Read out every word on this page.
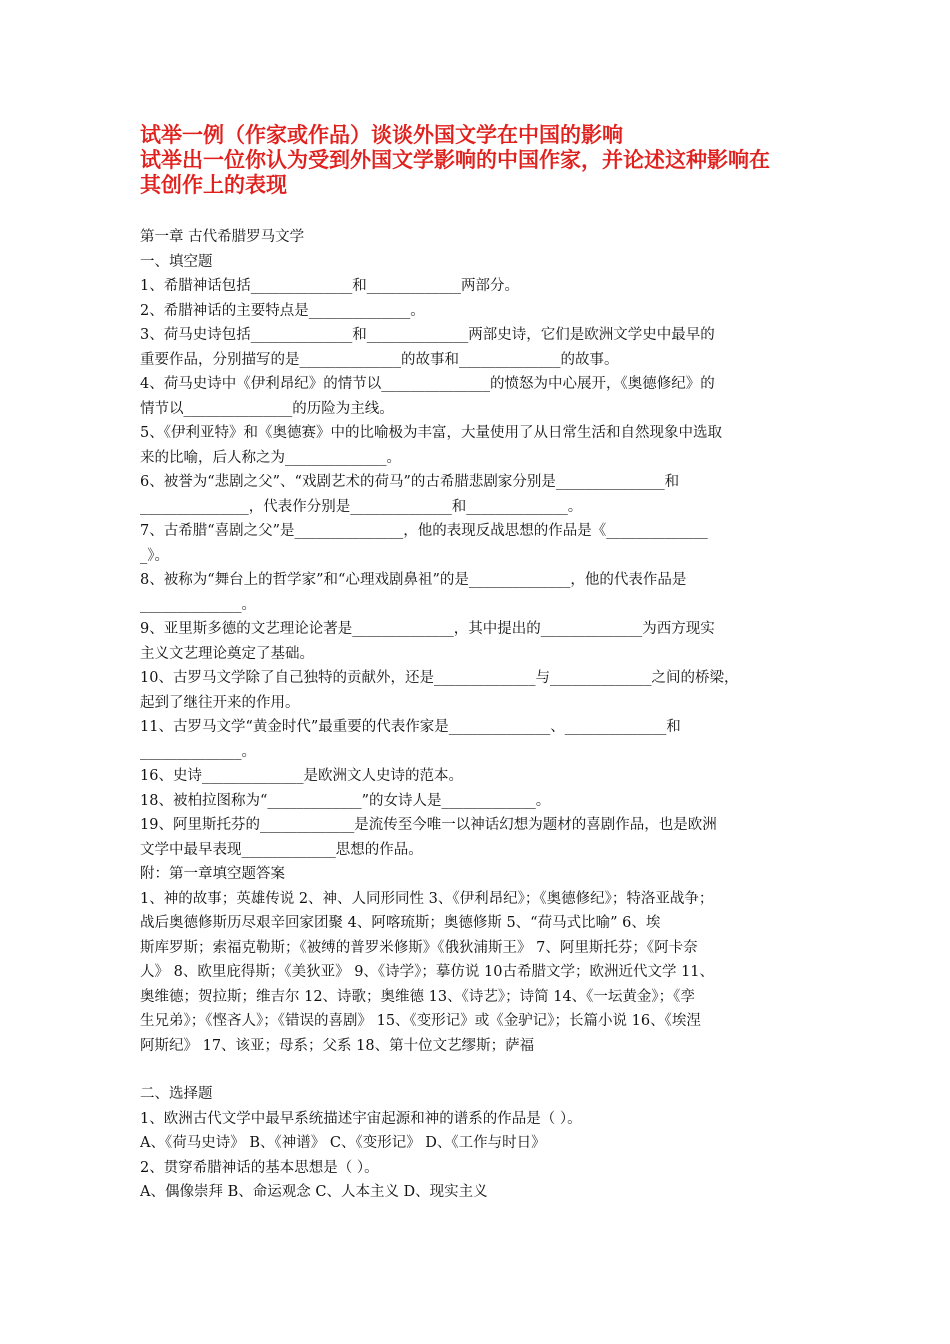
试举一例（作家或作品）谈谈外国文学在中国的影响

试举出一位你认为受到外国文学影响的中国作家，并论述这种影响在

其创作上的表现

第一章 古代希腊罗马文学

一、填空题

1、希腊神话包括______________和_____________两部分。

2、希腊神话的主要特点是______________。

3、荷马史诗包括______________和______________两部史诗，它们是欧洲文学史中最早的

重要作品，分别描写的是______________的故事和______________的故事。

4、荷马史诗中《伊利昂纪》的情节以_______________的愤怒为中心展开，《奥德修纪》的

情节以_______________的历险为主线。

5、《伊利亚特》和《奥德赛》中的比喻极为丰富，大量使用了从日常生活和自然现象中选取

来的比喻，后人称之为______________。

6、被誉为“悲剧之父”、“戏剧艺术的荷马”的古希腊悲剧家分别是_______________和

_______________，代表作分别是______________和______________。

7、古希腊“喜剧之父”是_______________，他的表现反战思想的作品是《______________

_》。

8、被称为“舞台上的哲学家”和“心理戏剧鼻祖”的是______________，他的代表作品是

______________。

9、亚里斯多德的文艺理论论著是______________，其中提出的______________为西方现实

主义文艺理论奠定了基础。

10、古罗马文学除了自己独特的贡献外，还是______________与______________之间的桥梁，

起到了继往开来的作用。

11、古罗马文学“黄金时代”最重要的代表作家是______________、______________和

______________。

16、史诗______________是欧洲文人史诗的范本。

18、被柏拉图称为“_____________”的女诗人是_____________。

19、阿里斯托芬的_____________是流传至今唯一以神话幻想为题材的喜剧作品，也是欧洲

文学中最早表现_____________思想的作品。

附：第一章填空题答案

1、神的故事；英雄传说 2、神、人同形同性 3、《伊利昂纪》；《奥德修纪》；特洛亚战争；

战后奥德修斯历尽艰辛回家团聚 4、阿喀琉斯；奥德修斯 5、“荷马式比喻” 6、埃

斯库罗斯；索福克勒斯；《被缚的普罗米修斯》《俄狄浦斯王》 7、阿里斯托芬；《阿卡奈

人》 8、欧里庇得斯；《美狄亚》 9、《诗学》；摹仿说 10古希腊文学；欧洲近代文学 11、

奥维德；贺拉斯；维吉尔 12、诗歌；奥维德 13、《诗艺》；诗简 14、《一坛黄金》；《孪

生兄弟》；《悭吝人》；《错误的喜剧》 15、《变形记》或《金驴记》；长篇小说 16、《埃涅

阿斯纪》 17、该亚；母系；父系 18、第十位文艺缪斯；萨福

二、选择题

1、欧洲古代文学中最早系统描述宇宙起源和神的谱系的作品是（ ）。

A、《荷马史诗》 B、《神谱》 C、《变形记》 D、《工作与时日》

2、贯穿希腊神话的基本思想是（ ）。

A、偶像崇拜 B、命运观念 C、人本主义 D、现实主义
